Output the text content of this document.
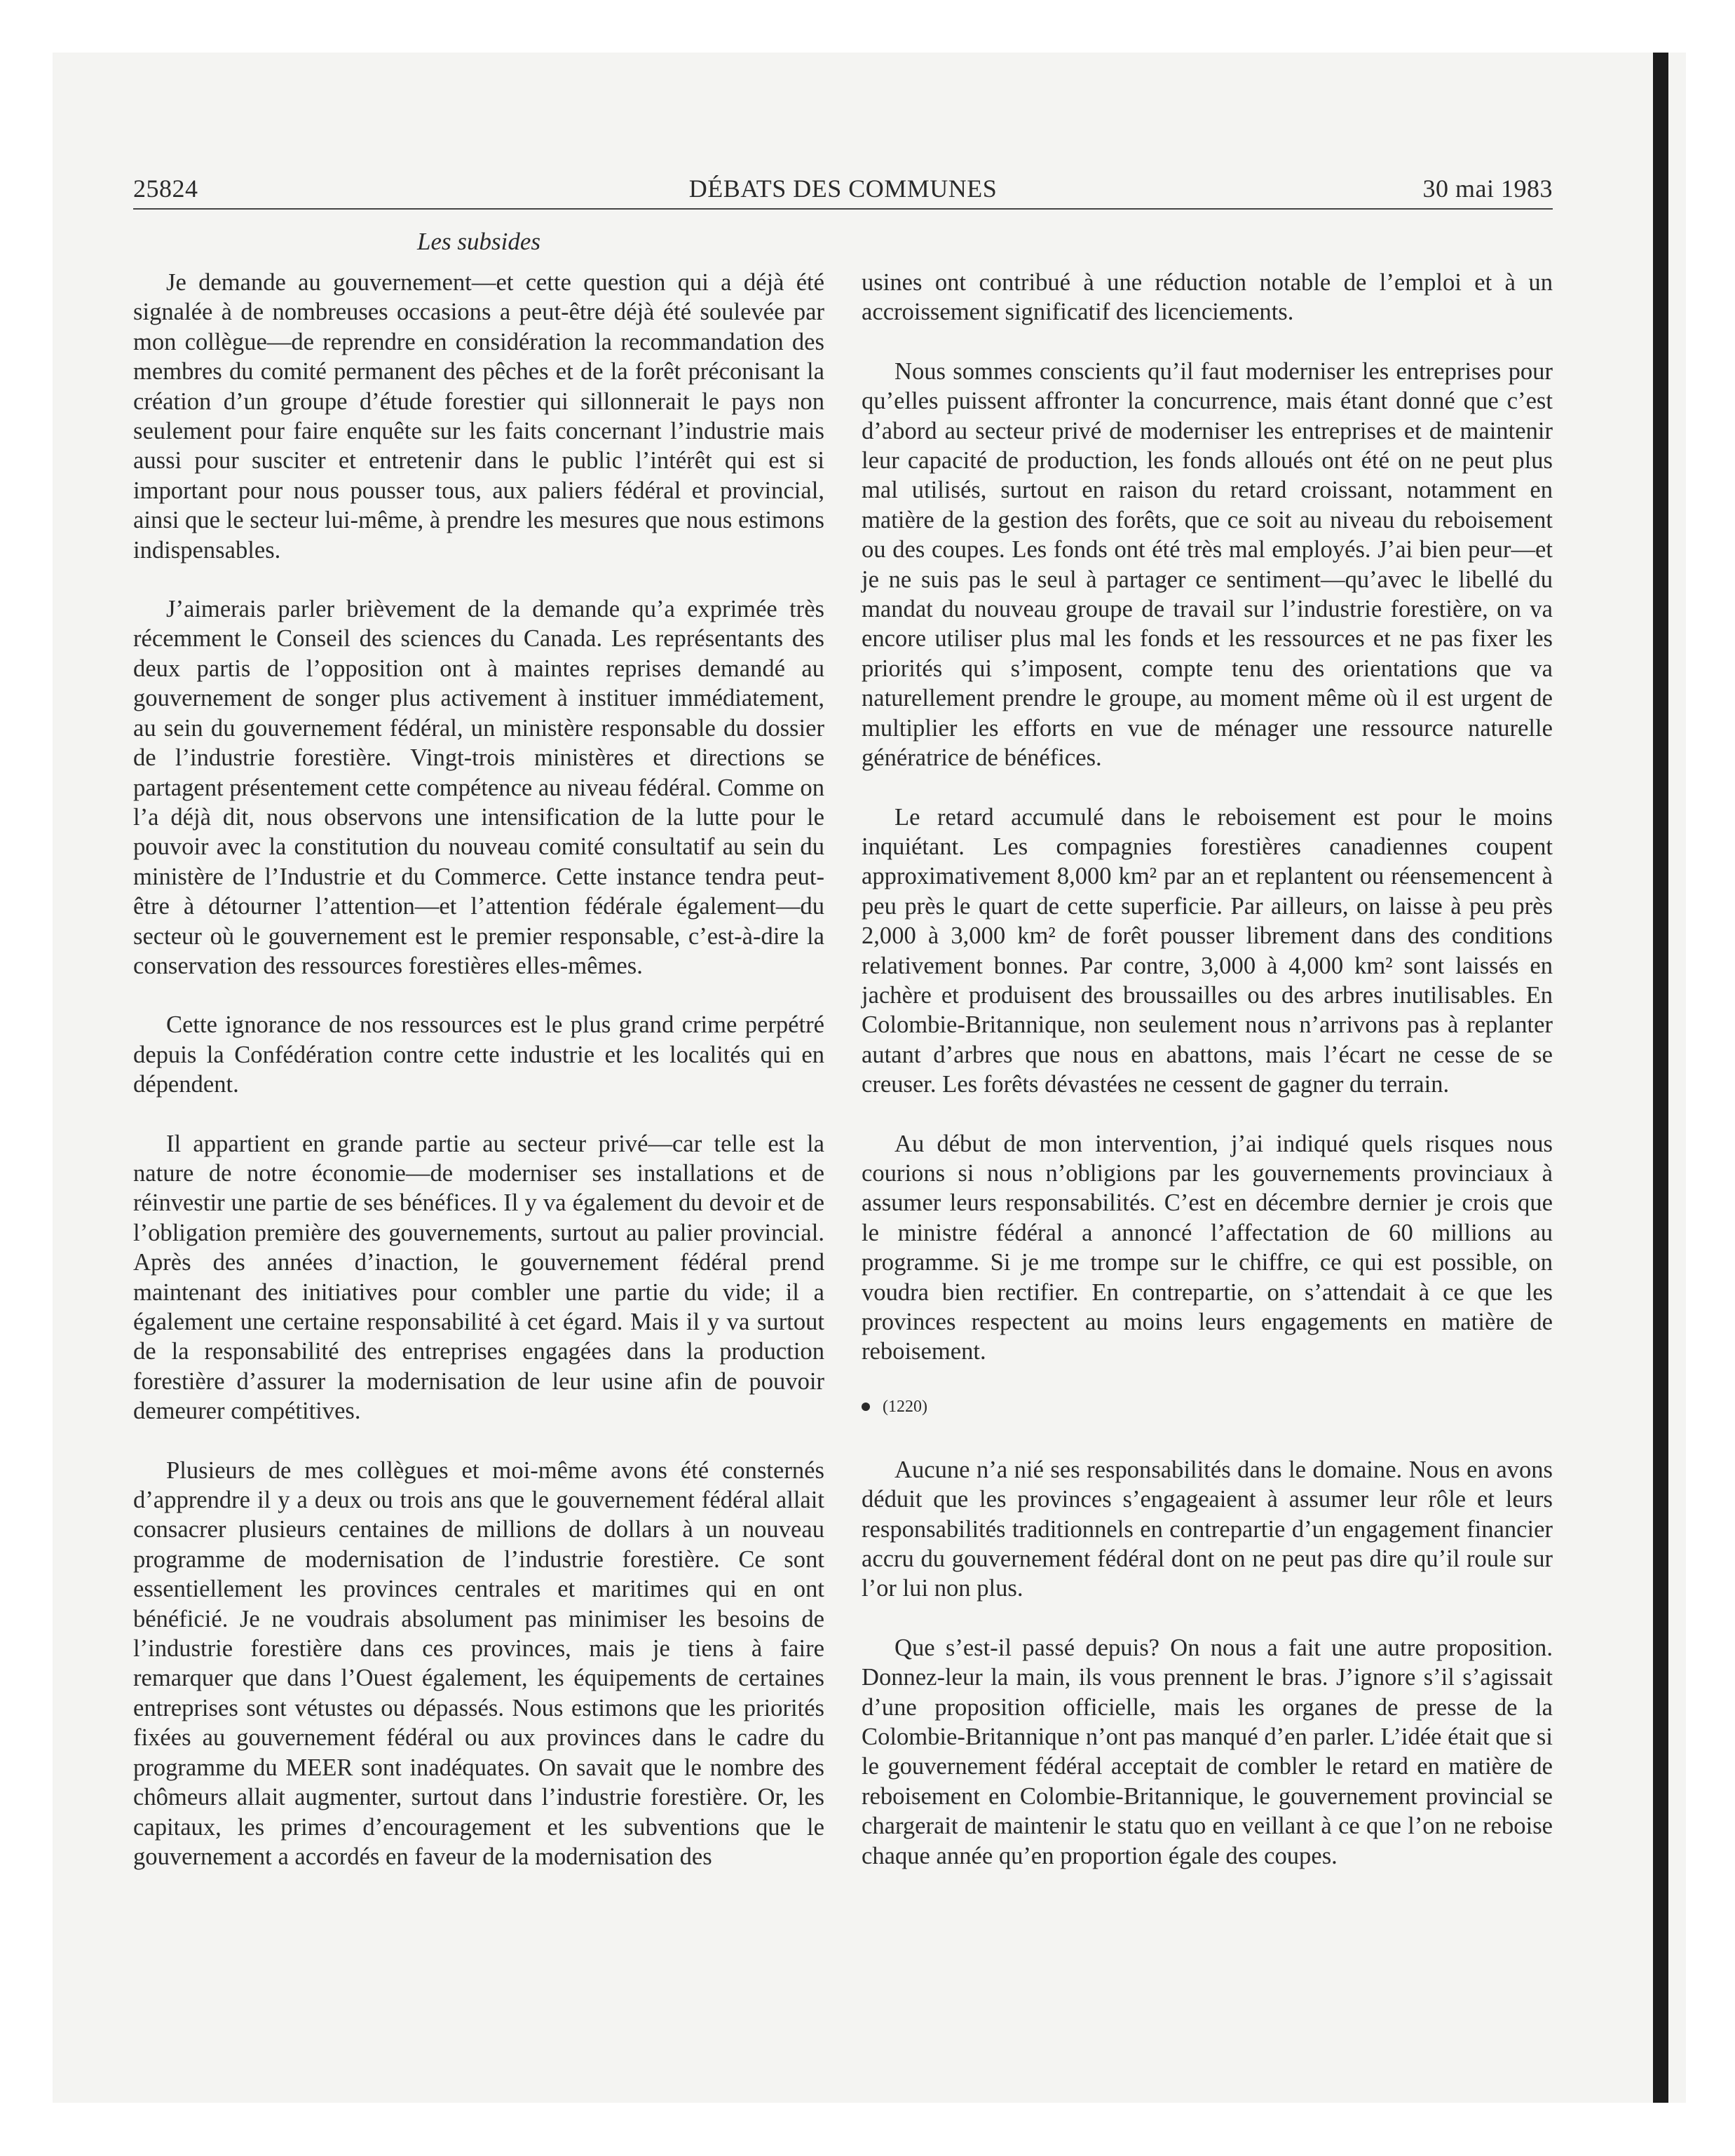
25824	DÉBATS DES COMMUNES	30 mai 1983
Les subsides

Je demande au gouvernement—et cette question qui a déjà été signalée à de nombreuses occasions a peut-être déjà été soulevée par mon collègue—de reprendre en considération la recommandation des membres du comité permanent des pêches et de la forêt préconisant la création d’un groupe d’étude forestier qui sillonnerait le pays non seulement pour faire enquête sur les faits concernant l’industrie mais aussi pour susciter et entretenir dans le public l’intérêt qui est si important pour nous pousser tous, aux paliers fédéral et provincial, ainsi que le secteur lui-même, à prendre les mesures que nous estimons indispensables.

J’aimerais parler brièvement de la demande qu’a exprimée très récemment le Conseil des sciences du Canada. Les représentants des deux partis de l’opposition ont à maintes reprises demandé au gouvernement de songer plus activement à instituer immédiatement, au sein du gouvernement fédéral, un ministère responsable du dossier de l’industrie forestière. Vingt-trois ministères et directions se partagent présentement cette compétence au niveau fédéral. Comme on l’a déjà dit, nous observons une intensification de la lutte pour le pouvoir avec la constitution du nouveau comité consultatif au sein du ministère de l’Industrie et du Commerce. Cette instance tendra peut-être à détourner l’attention—et l’attention fédérale également—du secteur où le gouvernement est le premier responsable, c’est-à-dire la conservation des ressources forestières elles-mêmes.

Cette ignorance de nos ressources est le plus grand crime perpétré depuis la Confédération contre cette industrie et les localités qui en dépendent.

Il appartient en grande partie au secteur privé—car telle est la nature de notre économie—de moderniser ses installations et de réinvestir une partie de ses bénéfices. Il y va également du devoir et de l’obligation première des gouvernements, surtout au palier provincial. Après des années d’inaction, le gouvernement fédéral prend maintenant des initiatives pour combler une partie du vide; il a également une certaine responsabilité à cet égard. Mais il y va surtout de la responsabilité des entreprises engagées dans la production forestière d’assurer la modernisation de leur usine afin de pouvoir demeurer compétitives.

Plusieurs de mes collègues et moi-même avons été consternés d’apprendre il y a deux ou trois ans que le gouvernement fédéral allait consacrer plusieurs centaines de millions de dollars à un nouveau programme de modernisation de l’industrie forestière. Ce sont essentiellement les provinces centrales et maritimes qui en ont bénéficié. Je ne voudrais absolument pas minimiser les besoins de l’industrie forestière dans ces provinces, mais je tiens à faire remarquer que dans l’Ouest également, les équipements de certaines entreprises sont vétustes ou dépassés. Nous estimons que les priorités fixées au gouvernement fédéral ou aux provinces dans le cadre du programme du MEER sont inadéquates. On savait que le nombre des chômeurs allait augmenter, surtout dans l’industrie forestière. Or, les capitaux, les primes d’encouragement et les subventions que le gouvernement a accordés en faveur de la modernisation des

usines ont contribué à une réduction notable de l’emploi et à un accroissement significatif des licenciements.

Nous sommes conscients qu’il faut moderniser les entreprises pour qu’elles puissent affronter la concurrence, mais étant donné que c’est d’abord au secteur privé de moderniser les entreprises et de maintenir leur capacité de production, les fonds alloués ont été on ne peut plus mal utilisés, surtout en raison du retard croissant, notamment en matière de la gestion des forêts, que ce soit au niveau du reboisement ou des coupes. Les fonds ont été très mal employés. J’ai bien peur—et je ne suis pas le seul à partager ce sentiment—qu’avec le libellé du mandat du nouveau groupe de travail sur l’industrie forestière, on va encore utiliser plus mal les fonds et les ressources et ne pas fixer les priorités qui s’imposent, compte tenu des orientations que va naturellement prendre le groupe, au moment même où il est urgent de multiplier les efforts en vue de ménager une ressource naturelle génératrice de bénéfices.

Le retard accumulé dans le reboisement est pour le moins inquiétant. Les compagnies forestières canadiennes coupent approximativement 8,000 km² par an et replantent ou réensemencent à peu près le quart de cette superficie. Par ailleurs, on laisse à peu près 2,000 à 3,000 km² de forêt pousser librement dans des conditions relativement bonnes. Par contre, 3,000 à 4,000 km² sont laissés en jachère et produisent des broussailles ou des arbres inutilisables. En Colombie-Britannique, non seulement nous n’arrivons pas à replanter autant d’arbres que nous en abattons, mais l’écart ne cesse de se creuser. Les forêts dévastées ne cessent de gagner du terrain.

Au début de mon intervention, j’ai indiqué quels risques nous courions si nous n’obligions par les gouvernements provinciaux à assumer leurs responsabilités. C’est en décembre dernier je crois que le ministre fédéral a annoncé l’affectation de 60 millions au programme. Si je me trompe sur le chiffre, ce qui est possible, on voudra bien rectifier. En contrepartie, on s’attendait à ce que les provinces respectent au moins leurs engagements en matière de reboisement.

(1220)

Aucune n’a nié ses responsabilités dans le domaine. Nous en avons déduit que les provinces s’engageaient à assumer leur rôle et leurs responsabilités traditionnels en contrepartie d’un engagement financier accru du gouvernement fédéral dont on ne peut pas dire qu’il roule sur l’or lui non plus.

Que s’est-il passé depuis? On nous a fait une autre proposition. Donnez-leur la main, ils vous prennent le bras. J’ignore s’il s’agissait d’une proposition officielle, mais les organes de presse de la Colombie-Britannique n’ont pas manqué d’en parler. L’idée était que si le gouvernement fédéral acceptait de combler le retard en matière de reboisement en Colombie-Britannique, le gouvernement provincial se chargerait de maintenir le statu quo en veillant à ce que l’on ne reboise chaque année qu’en proportion égale des coupes.
